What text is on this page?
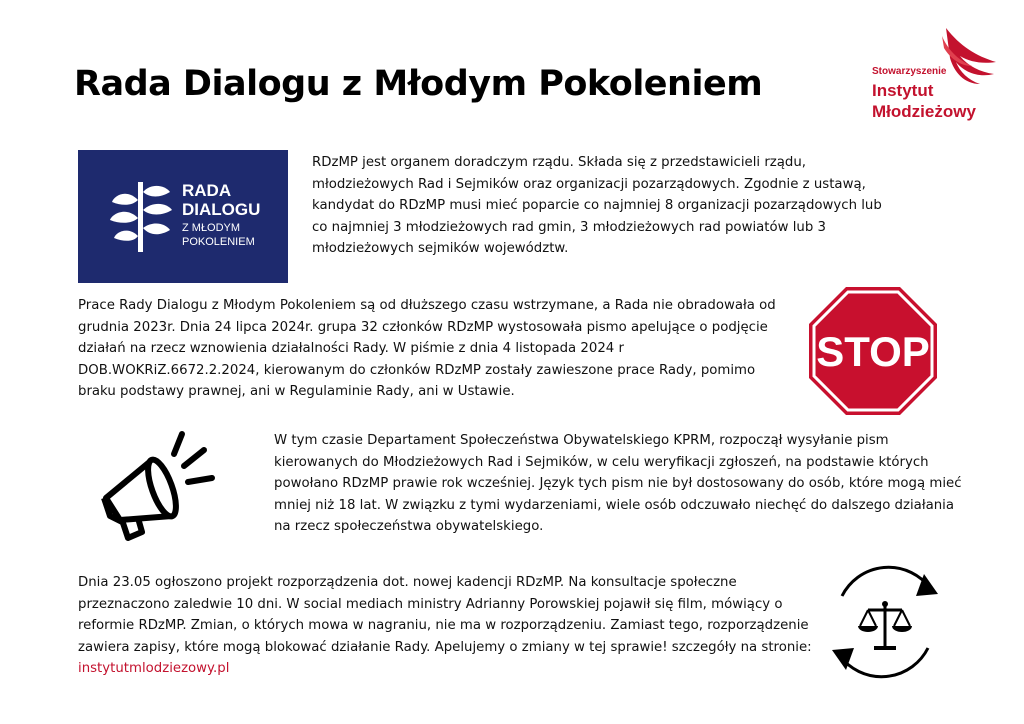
Rada Dialogu z Młodym Pokoleniem	Stowarzyszenie
Instytut
Młodzieżowy
RADA
DIALOGU
Z MŁODYM
POKOLENIEM

RDzMP jest organem doradczym rządu. Składa się z przedstawicieli rządu, młodzieżowych Rad i Sejmików oraz organizacji pozarządowych. Zgodnie z ustawą, kandydat do RDzMP musi mieć poparcie co najmniej 8 organizacji pozarządowych lub co najmniej 3 młodzieżowych rad gmin, 3 młodzieżowych rad powiatów lub 3 młodzieżowych sejmików województw.

Prace Rady Dialogu z Młodym Pokoleniem są od dłuższego czasu wstrzymane, a Rada nie obradowała od grudnia 2023r. Dnia 24 lipca 2024r. grupa 32 członków RDzMP wystosowała pismo apelujące o podjęcie działań na rzecz wznowienia działalności Rady. W piśmie z dnia 4 listopada 2024 r DOB.WOKRiZ.6672.2.2024, kierowanym do członków RDzMP zostały zawieszone prace Rady, pomimo braku podstawy prawnej, ani w Regulaminie Rady, ani w Ustawie.

W tym czasie Departament Społeczeństwa Obywatelskiego KPRM, rozpoczął wysyłanie pism kierowanych do Młodzieżowych Rad i Sejmików, w celu weryfikacji zgłoszeń, na podstawie których powołano RDzMP prawie rok wcześniej. Język tych pism nie był dostosowany do osób, które mogą mieć mniej niż 18 lat. W związku z tymi wydarzeniami, wiele osób odczuwało niechęć do dalszego działania na rzecz społeczeństwa obywatelskiego.

Dnia 23.05 ogłoszono projekt rozporządzenia dot. nowej kadencji RDzMP. Na konsultacje społeczne przeznaczono zaledwie 10 dni. W social mediach ministry Adrianny Porowskiej pojawił się film, mówiący o reformie RDzMP. Zmian, o których mowa w nagraniu, nie ma w rozporządzeniu. Zamiast tego, rozporządzenie zawiera zapisy, które mogą blokować działanie Rady. Apelujemy o zmiany w tej sprawie! szczegóły na stronie: instytutmlodziezowy.pl

STOP
